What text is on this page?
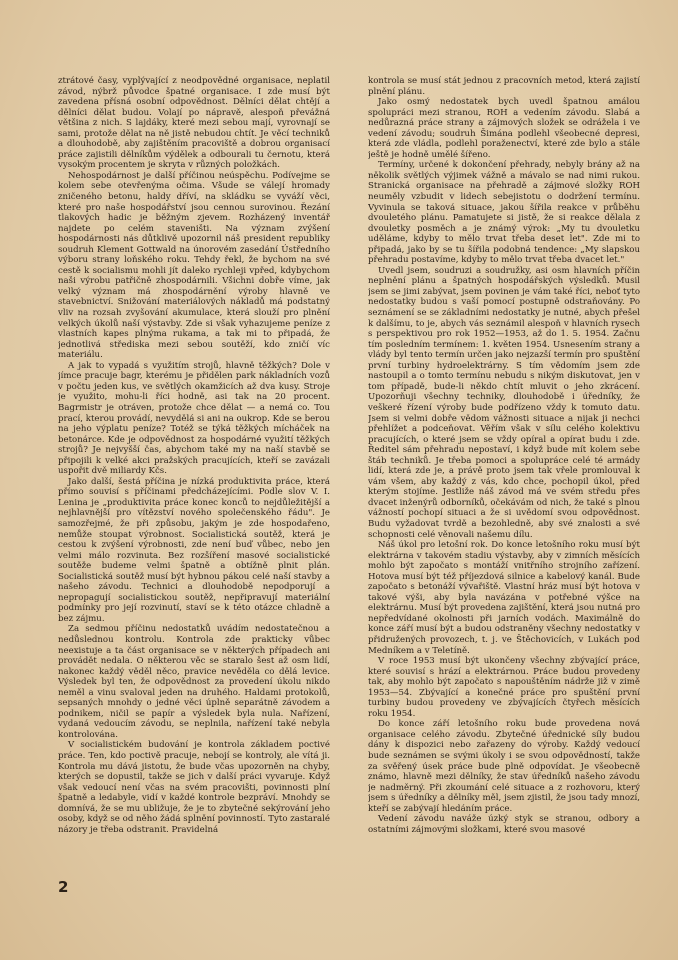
ztrátové časy, vyplývající z neodpovědné organisace, neplatil závod, nýbrž původce špatné organisace. I zde musí být zavedena přísná osobní odpovědnost. Dělníci dělat chtějí a dělníci dělat budou. Volají po nápravě, alespoň převážná většina z nich. S lajdáky, které mezi sebou mají, vyrovnají se sami, protože dělat na ně jistě nebudou chtít. Je věcí techniků a dlouhodobě, aby zajištěním pracoviště a dobrou organisací práce zajistili dělníkům výdělek a odbourali tu černotu, která vysokým procentem je skryta v různých položkách.

Nehospodárnost je další příčinou neúspěchu. Podívejme se kolem sebe otevřenýma očima. Všude se válejí hromady zničeného betonu, haldy dříví, na skládku se vyváží věci, které pro naše hospodářství jsou cennou surovinou. Řezání tlakových hadic je běžným zjevem. Rozházený inventář najdete po celém staveništi. Na význam zvýšení hospodárnosti nás důtklivě upozornil náš president republiky soudruh Klement Gottwald na únorovém zasedání Ústředního výboru strany loňského roku. Tehdy řekl, že bychom na své cestě k socialismu mohli jít daleko rychleji vpřed, kdybychom naši výrobu patřičně zhospodárnili. Všichni dobře víme, jak velký význam má zhospodárnění výroby hlavně ve stavebnictví. Snižování materiálových nákladů má podstatný vliv na rozsah zvyšování akumulace, která slouží pro plnění velkých úkolů naší výstavby. Zde si však vyhazujeme peníze z vlastních kapes plnýma rukama, a tak mi to připadá, že jednotlivá střediska mezi sebou soutěží, kdo zničí víc materiálu.

A jak to vypadá s využitím strojů, hlavně těžkých? Dole v jímce pracuje bagr, kterému je přidělen park nákladních vozů v počtu jeden kus, ve světlých okamžicích až dva kusy. Stroje je využito, mohu-li říci hodně, asi tak na 20 procent. Bagrmistr je otráven, protože chce dělat — a nemá co. Tou prací, kterou provádí, nevydělá si ani na oukrop. Kde se berou na jeho výplatu peníze? Totéž se týká těžkých mícháček na betonárce. Kde je odpovědnost za hospodárné využití těžkých strojů? Je nejvyšší čas, abychom také my na naší stavbě se připojili k velké akci pražských pracujících, kteří se zavázali uspořit dvě miliardy Kčs.

Jako další, šestá příčina je nízká produktivita práce, která přímo souvisí s příčinami předcházejícími. Podle slov V. I. Lenina je „produktivita práce konec konců to nejdůležitější a nejhlavnější pro vítězství nového společenského řádu". Je samozřejmé, že při způsobu, jakým je zde hospodařeno, nemůže stoupat výrobnost. Socialistická soutěž, která je cestou k zvýšení výrobnosti, zde není buď vůbec, nebo jen velmi málo rozvinuta. Bez rozšíření masové socialistické soutěže budeme velmi špatně a obtížně plnit plán. Socialistická soutěž musí být hybnou pákou celé naší stavby a našeho závodu. Technici a dlouhodobě nepodporují a nepropagují socialistickou soutěž, nepřipravují materiální podmínky pro její rozvinutí, staví se k této otázce chladně a bez zájmu.

Za sedmou příčinu nedostatků uvádím nedostatečnou a nedůslednou kontrolu. Kontrola zde prakticky vůbec neexistuje a ta část organisace se v některých případech ani provádět nedala. O některou věc se staralo šest až osm lidí, nakonec každý věděl něco, pravice nevěděla co dělá levice. Výsledek byl ten, že odpovědnost za provedení úkolu nikdo neměl a vinu svaloval jeden na druhého. Haldami protokolů, sepsaných mnohdy o jedné věci úplně separátně závodem a podnikem, ničil se papír a výsledek byla nula. Nařízení, vydaná vedoucím závodu, se neplnila, nařízení také nebyla kontrolována.

V socialistickém budování je kontrola základem poctivé práce. Ten, kdo poctivě pracuje, nebojí se kontroly, ale vítá ji. Kontrola mu dává jistotu, že bude včas upozorněn na chyby, kterých se dopustil, takže se jich v další práci vyvaruje. Když však vedoucí není včas na svém pracovišti, povinnosti plní špatně a ledabyle, vidí v každé kontrole bezpráví. Mnohdy se domnívá, že se mu ubližuje, že je to zbytečné sekýrování jeho osoby, když se od něho žádá splnění povinností. Tyto zastaralé názory je třeba odstranit. Pravidelná

kontrola se musí stát jednou z pracovních metod, která zajistí plnění plánu.

Jako osmý nedostatek bych uvedl špatnou amálou spolupráci mezi stranou, ROH a vedením závodu. Slabá a nedůrazná práce strany a zájmových složek se odrážela i ve vedení závodu; soudruh Šimána podlehl všeobecné depresi, která zde vládla, podlehl poraženectví, které zde bylo a stále ještě je hodně umělé šířeno.

Termíny, určené k dokončení přehrady, nebyly brány až na několik světlých výjimek vážně a mávalo se nad nimi rukou. Stranická organisace na přehradě a zájmové složky ROH neuměly vzbudit v lidech sebejistotu o dodržení termínu. Vyvinula se taková situace, jakou šířila reakce v průběhu dvouletého plánu. Pamatujete si jistě, že si reakce dělala z dvouletky posměch a je známý výrok: „My tu dvouletku uděláme, kdyby to mělo trvat třeba deset let". Zde mi to připadá, jako by se tu šířila podobná tendence: „My slapskou přehradu postavíme, kdyby to mělo trvat třeba dvacet let."

Uvedl jsem, soudruzi a soudružky, asi osm hlavních příčin neplnění plánu a špatných hospodářských výsledků. Musil jsem se jimi zabývat, jsem povinen je vám také říci, neboť tyto nedostatky budou s vaší pomocí postupně odstraňovány. Po seznámení se se základními nedostatky je nutné, abych přešel k dalšímu, to je, abych vás seznámil alespoň v hlavních rysech s perspektivou pro rok 1952—1953, až do 1. 5. 1954. Začnu tím posledním termínem: 1. květen 1954. Usnesením strany a vlády byl tento termín určen jako nejzazší termín pro spuštění první turbiny hydroelektrárny. S tím vědomím jsem zde nastoupil a o tomto termínu nebudu s nikým diskutovat, jen v tom případě, bude-li někdo chtít mluvit o jeho zkrácení. Upozorňuji všechny techniky, dlouhodobě i úředníky, že veškeré řízení výroby bude podřízeno vždy k tomuto datu. Jsem si velmi dobře vědom vážnosti situace a nijak ji nechci přehlížet a podceňovat. Věřím však v sílu celého kolektivu pracujících, o které jsem se vždy opíral a opírat budu i zde. Ředitel sám přehradu nepostaví, i když bude mít kolem sebe štáb techniků. Je třeba pomoci a spolupráce celé té armády lidí, která zde je, a právě proto jsem tak vřele promlouval k vám všem, aby každý z vás, kdo chce, pochopil úkol, před kterým stojíme. Jestliže náš závod má ve svém středu přes dvacet inženýrů odborníků, očekávám od nich, že také s plnou vážností pochopí situaci a že si uvědomí svou odpovědnost. Budu vyžadovat tvrdě a bezohledně, aby své znalosti a své schopnosti celé věnovali našemu dílu.

Náš úkol pro letošní rok. Do konce letošního roku musí být elektrárna v takovém stadiu výstavby, aby v zimních měsících mohlo být započato s montáží vnitřního strojního zařízení. Hotova musí být též příjezdová silnice a kabelový kanál. Bude započato s betonáží vývařiště. Vlastní hráz musí být hotova v takové výši, aby byla navázána v potřebné výšce na elektrárnu. Musí být provedena zajištění, která jsou nutná pro nepředvídané okolnosti při jarních vodách. Maximálně do konce září musí být a budou odstraněny všechny nedostatky v přidružených provozech, t. j. ve Štěchovicích, v Lukách pod Medníkem a v Teletíně.

V roce 1953 musí být ukončeny všechny zbývající práce, které souvisí s hrází a elektrárnou. Práce budou provedeny tak, aby mohlo být započato s napouštěním nádrže již v zimě 1953—54. Zbývající a konečné práce pro spuštění první turbiny budou provedeny ve zbývajících čtyřech měsících roku 1954.

Do konce září letošního roku bude provedena nová organisace celého závodu. Zbytečné úřednické síly budou dány k dispozici nebo zařazeny do výroby. Každý vedoucí bude seznámen se svými úkoly i se svou odpovědností, takže za svěřený úsek práce bude plně odpovídat. Je všeobecně známo, hlavně mezi dělníky, že stav úředníků našeho závodu je nadměrný. Při zkoumání celé situace a z rozhovoru, který jsem s úředníky a dělníky měl, jsem zjistil, že jsou tady mnozí, kteří se zabývají hledáním práce.

Vedení závodu naváže úzký styk se stranou, odbory a ostatními zájmovými složkami, které svou masové

2
